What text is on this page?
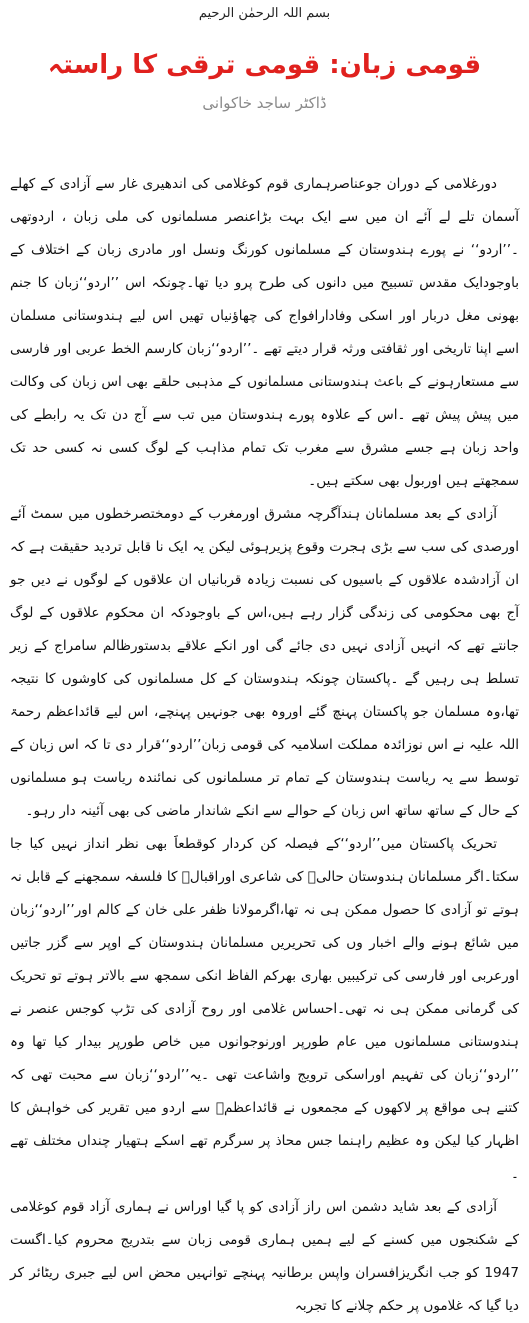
بسم اللہ الرحمٰن الرحیم
قومی زبان: قومی ترقی کا راستہ
ڈاکٹر ساجد خاکوانی

دورغلامی کے دوران جوعناصرہماری قوم کوغلامی کی اندھیری غار سے آزادی کے کھلے آسمان تلے لے آئے ان میں سے ایک بہت بڑاعنصر مسلمانوں کی ملی زبان ، اردوتھی ۔’’اردو‘‘ نے پورے ہندوستان کے مسلمانوں کورنگ ونسل اور مادری زبان کے اختلاف کے باوجودایک مقدس تسبیح میں دانوں کی طرح پرو دیا تھا۔چونکہ اس ’’اردو‘‘زبان کا جنم بھونی مغل دربار اور اسکی وفادارافواج کی چھاؤنیاں تھیں اس لیے ہندوستانی مسلمان اسے اپنا تاریخی اور ثقافتی ورثہ قرار دیتے تھے ۔’’اردو‘‘زبان کارسم الخط عربی اور فارسی سے مستعارہونے کے باعث ہندوستانی مسلمانوں کے مذہبی حلقے بھی اس زبان کی وکالت میں پیش پیش تھے ۔اس کے علاوہ پورے ہندوستان میں تب سے آج دن تک یہ رابطے کی واحد زبان ہے جسے مشرق سے مغرب تک تمام مذاہب کے لوگ کسی نہ کسی حد تک سمجھتے ہیں اوربول بھی سکتے ہیں۔

آزادی کے بعد مسلمانان ہندآگرچہ مشرق اورمغرب کے دومختصرخطوں میں سمٹ آئے اورصدی کی سب سے بڑی ہجرت وقوع پزیرہوئی لیکن یہ ایک نا قابل تردید حقیقت ہے کہ ان آزادشدہ علاقوں کے باسیوں کی نسبت زیادہ قربانیاں ان علاقوں کے لوگوں نے دیں جو آج بھی محکومی کی زندگی گزار رہے ہیں،اس کے باوجودکہ ان محکوم علاقوں کے لوگ جانتے تھے کہ انہیں آزادی نہیں دی جائے گی اور انکے علاقے بدستورظالم سامراج کے زیر تسلط ہی رہیں گے ۔پاکستان چونکہ ہندوستان کے کل مسلمانوں کی کاوشوں کا نتیجہ تھا،وہ مسلمان جو پاکستان پہنچ گئے اوروہ بھی جونہیں پہنچے، اس لیے قائداعظم رحمۃ اللہ علیہ نے اس نوزائدہ مملکت اسلامیہ کی قومی زبان’’اردو‘‘قرار دی تا کہ اس زبان کے توسط سے یہ ریاست ہندوستان کے تمام تر مسلمانوں کی نمائندہ ریاست ہو مسلمانوں کے حال کے ساتھ ساتھ اس زبان کے حوالے سے انکے شاندار ماضی کی بھی آئینہ دار رہو۔

تحریک پاکستان میں’’اردو‘‘کے فیصلہ کن کردار کوقطعاََ بھی نظر انداز نہیں کیا جا سکتا۔اگر مسلمانان ہندوستان حالیؔ کی شاعری اوراقبالؔ کا فلسفہ سمجھنے کے قابل نہ ہوتے تو آزادی کا حصول ممکن ہی نہ تھا،اگرمولانا ظفر علی خان کے کالم اور’’اردو‘‘زبان میں شائع ہونے والے اخبار وں کی تحریریں مسلمانان ہندوستان کے اوپر سے گزر جاتیں اورعربی اور فارسی کی ترکیبیں بھاری بھرکم الفاظ انکی سمجھ سے بالاتر ہوتے تو تحریک کی گرمانی ممکن ہی نہ تھی۔احساس غلامی اور روح آزادی کی تڑپ کوجس عنصر نے ہندوستانی مسلمانوں میں عام طورپر اورنوجوانوں میں خاص طورپر بیدار کیا تھا وہ ’’اردو‘‘زبان کی تفہیم اوراسکی ترویج واشاعت تھی ۔یہ’’اردو‘‘زبان سے محبت تھی کہ کتنے ہی مواقع پر لاکھوں کے مجمعوں نے قائداعظمؒ سے اردو میں تقریر کی خواہش کا اظہار کیا لیکن وہ عظیم راہنما جس محاذ پر سرگرم تھے اسکے ہتھیار چنداں مختلف تھے ۔

آزادی کے بعد شاید دشمن اس راز آزادی کو پا گیا اوراس نے ہماری آزاد قوم کوغلامی کے شکنجوں میں کسنے کے لیے ہمیں ہماری قومی زبان سے بتدریج محروم کیا۔اگست 1947 کو جب انگریزافسران واپس برطانیہ پہنچے توانہیں محض اس لیے جبری ریٹائر کر دیا گیا کہ غلاموں پر حکم چلانے کا تجربہ
